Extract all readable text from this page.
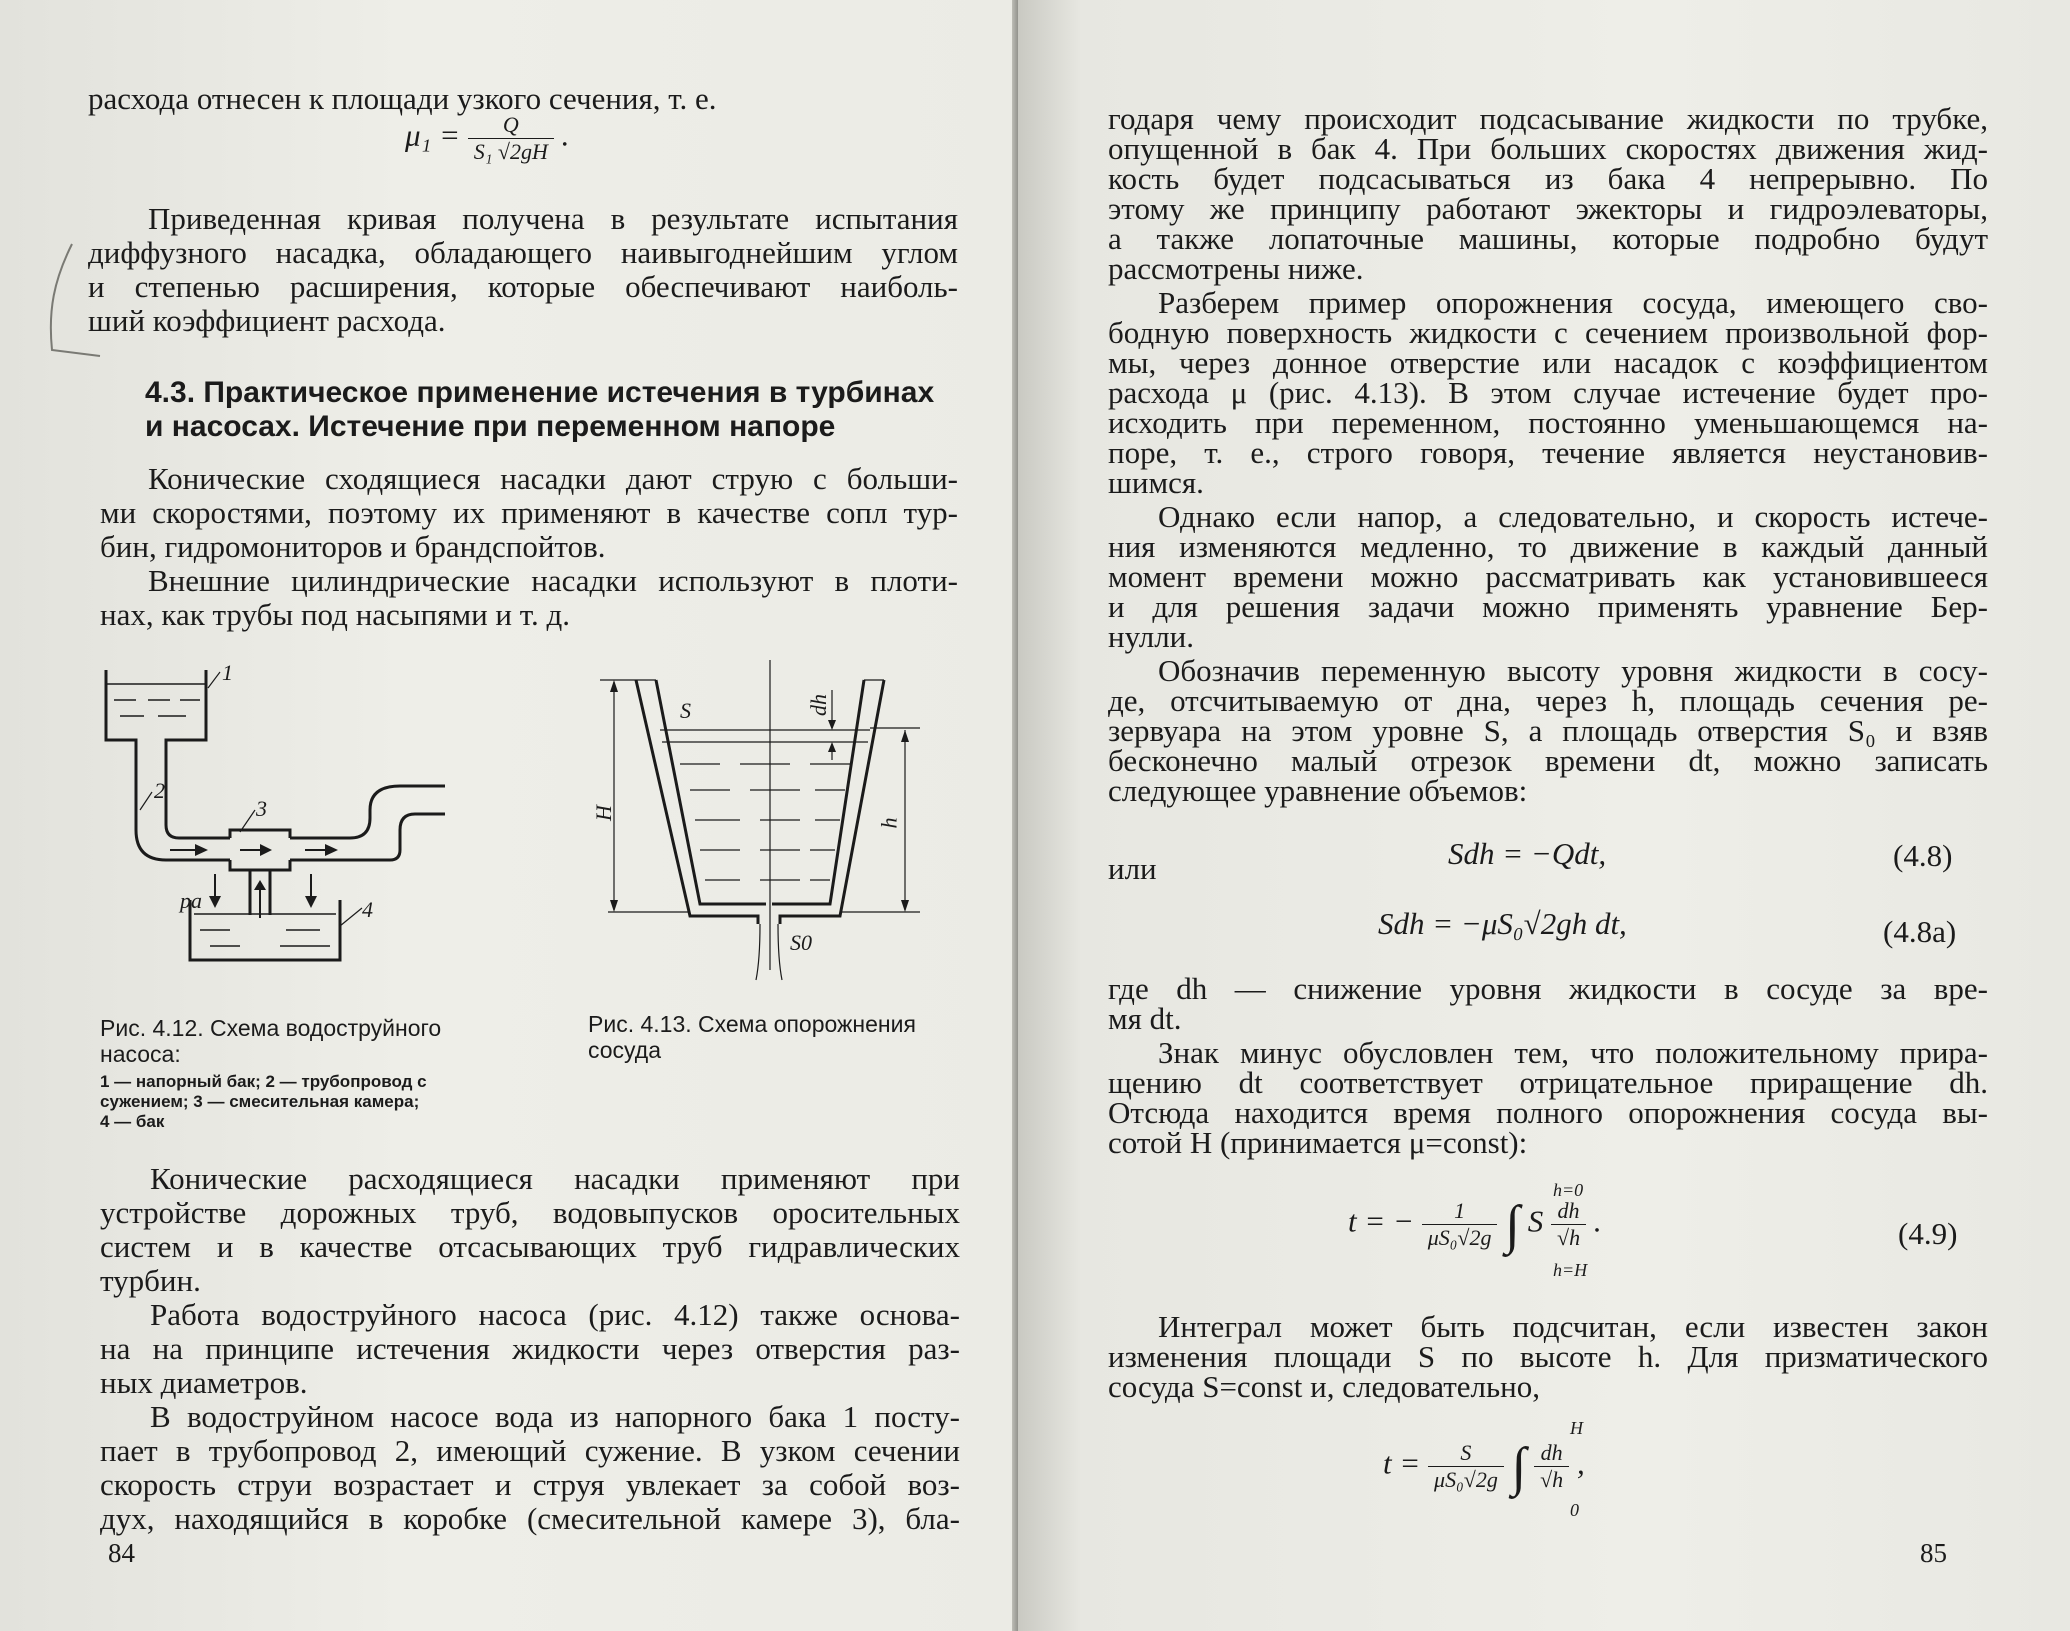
расхода отнесен к площади узкого сечения, т. е.
$\mu_1 = \frac{Q}{\text{S₁ √2gH}}$ .
Приведенная кривая получена в результате испытания
диффузного насадка, обладающего наивыгоднейшим углом
и степенью расширения, которые обеспечивают наиболь-
ший коэффициент расхода.
4.3. Практическое применение истечения в турбинах
и насосах. Истечение при переменном напоре
Конические сходящиеся насадки дают струю с больши-
ми скоростями, поэтому их применяют в качестве сопл тур-
бин, гидромониторов и брандспойтов.
Внешние цилиндрические насадки используют в плоти-
нах, как трубы под насыпями и т. д.
1
2
3
4
pa
Рис. 4.12. Схема водоструйного
насоса:
1 — напорный бак; 2 — трубопровод с
сужением; 3 — смесительная камера;
4 — бак
S	dh
H
h
S0
Рис. 4.13. Схема опорожнения
сосуда
Конические расходящиеся насадки применяют при
устройстве дорожных труб, водовыпусков оросительных
систем и в качестве отсасывающих труб гидравлических
турбин.
Работа водоструйного насоса (рис. 4.12) также основа-
на на принципе истечения жидкости через отверстия раз-
ных диаметров.
В водоструйном насосе вода из напорного бака 1 посту-
пает в трубопровод 2, имеющий сужение. В узком сечении
скорость струи возрастает и струя увлекает за собой воз-
дух, находящийся в коробке (смесительной камере 3), бла-
84
годаря чему происходит подсасывание жидкости по трубке,
опущенной в бак 4. При больших скоростях движения жид-
кость будет подсасываться из бака 4 непрерывно. По
этому же принципу работают эжекторы и гидроэлеваторы,
а также лопаточные машины, которые подробно будут
рассмотрены ниже.
Разберем пример опорожнения сосуда, имеющего сво-
бодную поверхность жидкости с сечением произвольной фор-
мы, через донное отверстие или насадок с коэффициентом
расхода μ (рис. 4.13). В этом случае истечение будет про-
исходить при переменном, постоянно уменьшающемся на-
поре, т. е., строго говоря, течение является неустановив-
шимся.
Однако если напор, а следовательно, и скорость истече-
ния изменяются медленно, то движение в каждый данный
момент времени можно рассматривать как установившееся
и для решения задачи можно применять уравнение Бер-
нулли.
Обозначив переменную высоту уровня жидкости в сосу-
де, отсчитываемую от дна, через h, площадь сечения ре-
зервуара на этом уровне S, а площадь отверстия S₀ и взяв
бесконечно малый отрезок времени dt, можно записать
следующее уравнение объемов:
Sdh = −Qdt,	(4.8)
или
Sdh = −μS₀√2gh dt,	(4.8a)
где dh — снижение уровня жидкости в сосуде за вре-
мя dt.
Знак минус обусловлен тем, что положительному прира-
щению dt соответствует отрицательное приращение dh.
Отсюда находится время полного опорожнения сосуда вы-
сотой H (принимается μ=const):
t = − $\frac{1}{\text{μS₀√2g}}$ ∫ S $\frac{dh}{√h}$ .
h=0
h=H
(4.9)
Интеграл может быть подсчитан, если известен закон
изменения площади S по высоте h. Для призматического
сосуда S=const и, следовательно,
$t = \frac{S}{\text{μS₀√2g}}$ ∫ $\frac{dh}{√h}$ ,
H
0
85
